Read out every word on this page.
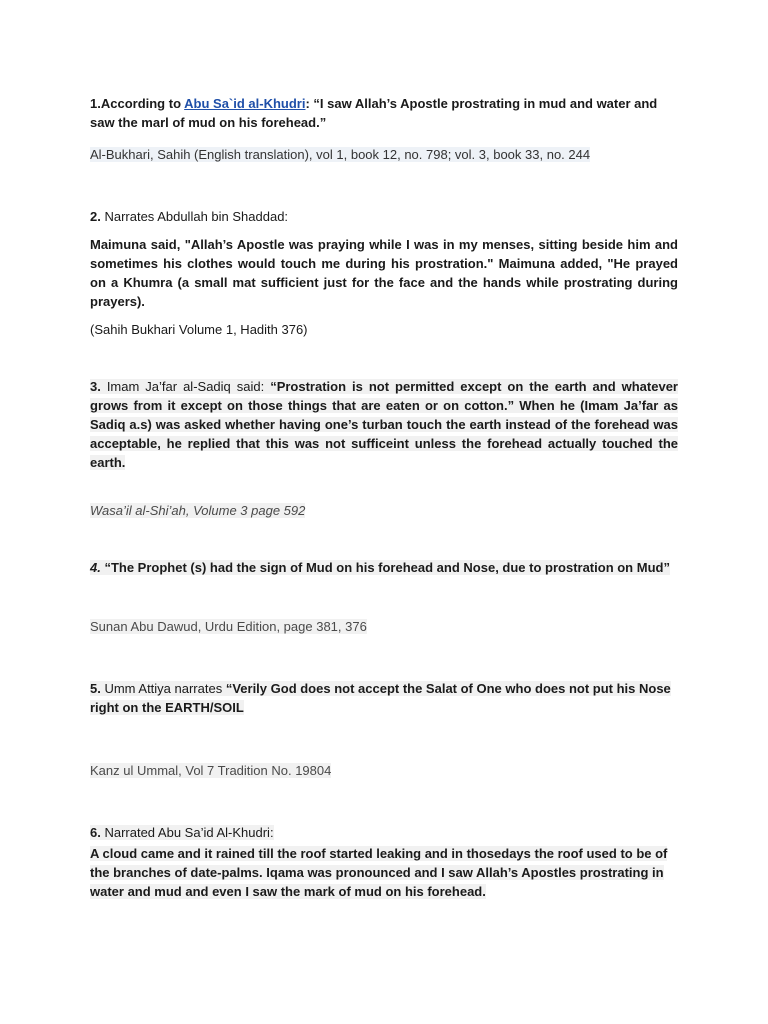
1.According to Abu Sa`id al-Khudri: “I saw Allah’s Apostle prostrating in mud and water and saw the marl of mud on his forehead.”

Al-Bukhari, Sahih (English translation), vol 1, book 12, no. 798; vol. 3, book 33, no. 244

2. Narrates Abdullah bin Shaddad:

Maimuna said, "Allah’s Apostle was praying while I was in my menses, sitting beside him and sometimes his clothes would touch me during his prostration." Maimuna added, "He prayed on a Khumra (a small mat sufficient just for the face and the hands while prostrating during prayers).

(Sahih Bukhari Volume 1, Hadith 376)

3. Imam Ja’far al-Sadiq said: “Prostration is not permitted except on the earth and whatever grows from it except on those things that are eaten or on cotton.” When he (Imam Ja’far as Sadiq a.s) was asked whether having one’s turban touch the earth instead of the forehead was acceptable, he replied that this was not sufficeint unless the forehead actually touched the earth.

Wasa’il al-Shi’ah, Volume 3 page 592

4. “The Prophet (s) had the sign of Mud on his forehead and Nose, due to prostration on Mud”

Sunan Abu Dawud, Urdu Edition, page 381, 376

5. Umm Attiya narrates “Verily God does not accept the Salat of One who does not put his Nose right on the EARTH/SOIL

Kanz ul Ummal, Vol 7 Tradition No. 19804

6. Narrated Abu Sa’id Al-Khudri:

A cloud came and it rained till the roof started leaking and in thosedays the roof used to be of the branches of date-palms. Iqama was pronounced and I saw Allah’s Apostles prostrating in water and mud and even I saw the mark of mud on his forehead.
